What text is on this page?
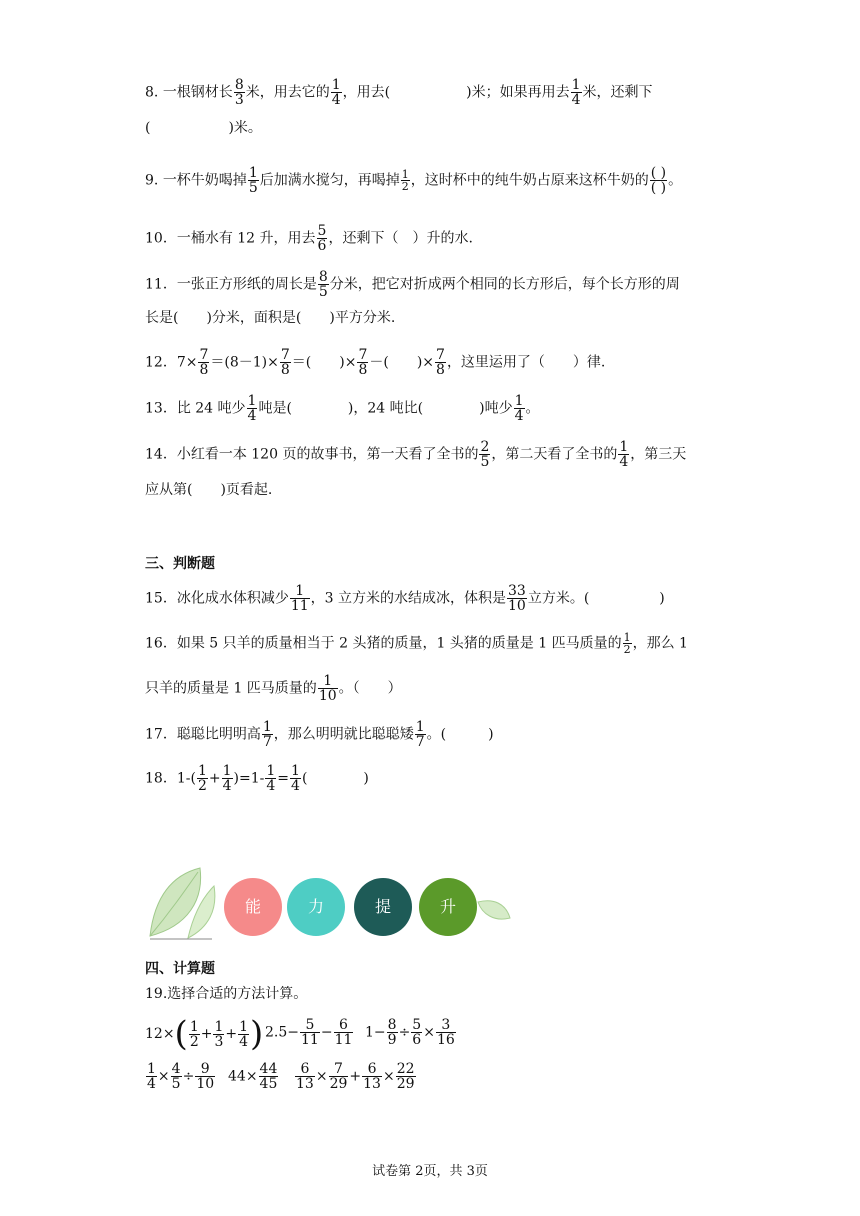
8. 一根钢材长 $\frac{8}{3}$ 米，用去它的 $\frac{1}{4}$ ，用去(	)米；如果再用去 $\frac{1}{4}$ 米，还剩下
(	)米。
9. 一杯牛奶喝掉 $\frac{1}{5}$ 后加满水搅匀，再喝掉 $\frac{1}{2}$ ，这时杯中的纯牛奶占原来这杯牛奶的 $\frac{( )}{( )}$ 。
10．一桶水有 12 升，用去 $\frac{5}{6}$ ，还剩下（　）升的水.
11．一张正方形纸的周长是 $\frac{8}{5}$ 分米，把它对折成两个相同的长方形后，每个长方形的周
长是(　　)分米，面积是(　　)平方分米.
12．$7\times \frac{7}{8} =(8-1)\times \frac{7}{8}$ ＝(　　)× $\frac{7}{8}$ －(　　)× $\frac{7}{8}$ ，这里运用了（　　）律.
13．比 24 吨少 $\frac{1}{4}$ 吨是(　　　　)，24 吨比(　　　　)吨少 $\frac{1}{4}$ 。
14．小红看一本 120 页的故事书，第一天看了全书的 $\frac{2}{5}$ ，第二天看了全书的 $\frac{1}{4}$ ，第三天
应从第(　　)页看起.
三、判断题
15．冰化成水体积减少 $\frac{1}{11}$ ，3 立方米的水结成冰，体积是 $\frac{33}{10}$ 立方米。(　　　　　)
16．如果 5 只羊的质量相当于 2 头猪的质量，1 头猪的质量是 1 匹马质量的 $\frac{1}{2}$ ，那么 1
只羊的质量是 1 匹马质量的 $\frac{1}{10}$ 。（　　）
17．聪聪比明明高 $\frac{1}{7}$ ，那么明明就比聪聪矮 $\frac{1}{7}$ 。(　　　)
18．$1-( \frac{1}{2} + \frac{1}{4} )=1- \frac{1}{4} = \frac{1}{4}$ (　　　　)
能	力	提	升
四、计算题
19.选择合适的方法计算。
$12\times( \frac{1}{2} + \frac{1}{3} + \frac{1}{4}$ ) $2.5- \frac{5}{11} - \frac{6}{11} 1- \frac{8}{9} \div \frac{5}{6} \times \frac{3}{16}$
$\frac{1}{4} \times \frac{4}{5} \div \frac{9}{10} 44\times \frac{44}{45} \frac{6}{13} \times \frac{7}{29} + \frac{6}{13} \times \frac{22}{29}$
试卷第 2页，共 3页
